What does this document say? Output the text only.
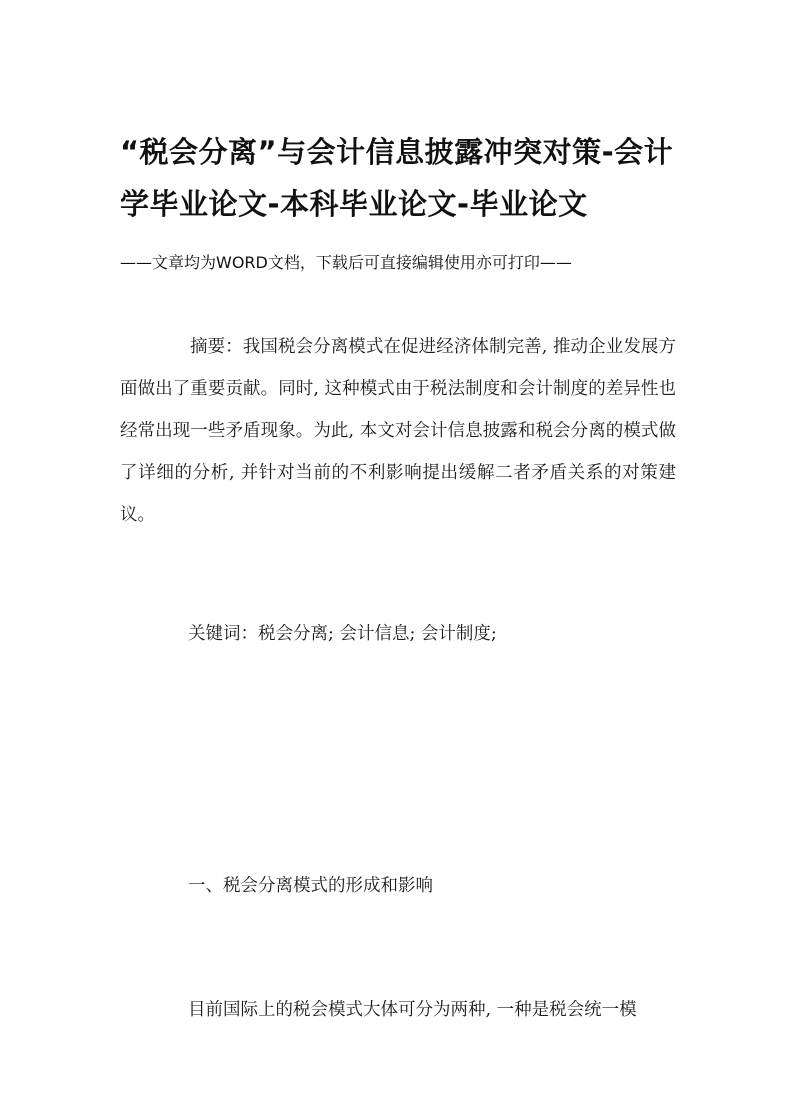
“税会分离”与会计信息披露冲突对策-会计学毕业论文-本科毕业论文-毕业论文
——文章均为WORD文档，下载后可直接编辑使用亦可打印——

摘要：我国税会分离模式在促进经济体制完善, 推动企业发展方面做出了重要贡献。同时, 这种模式由于税法制度和会计制度的差异性也经常出现一些矛盾现象。为此, 本文对会计信息披露和税会分离的模式做了详细的分析, 并针对当前的不利影响提出缓解二者矛盾关系的对策建议。

关键词：税会分离; 会计信息; 会计制度;
一、税会分离模式的形成和影响
目前国际上的税会模式大体可分为两种, 一种是税会统一模
